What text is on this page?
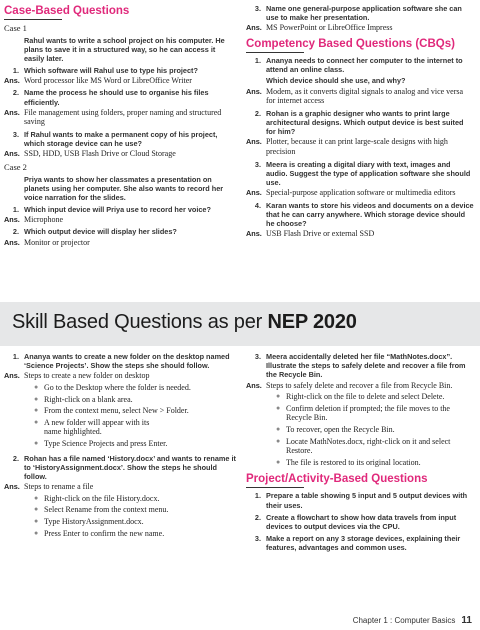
Case-Based Questions
Case 1
Rahul wants to write a school project on his computer. He plans to save it in a structured way, so he can access it easily later.
1. Which software will Rahul use to type his project?
Ans. Word processor like MS Word or LibreOffice Writer
2. Name the process he should use to organise his files efficiently.
Ans. File management using folders, proper naming and structured saving
3. If Rahul wants to make a permanent copy of his project, which storage device can he use?
Ans. SSD, HDD, USB Flash Drive or Cloud Storage
Case 2
Priya wants to show her classmates a presentation on planets using her computer. She also wants to record her voice narration for the slides.
1. Which input device will Priya use to record her voice?
Ans. Microphone
2. Which output device will display her slides?
Ans. Monitor or projector
3. Name one general-purpose application software she can use to make her presentation.
Ans. MS PowerPoint or LibreOffice Impress
Competency Based Questions (CBQs)
1. Ananya needs to connect her computer to the internet to attend an online class.
Which device should she use, and why?
Ans. Modem, as it converts digital signals to analog and vice versa for internet access
2. Rohan is a graphic designer who wants to print large architectural designs. Which output device is best suited for him?
Ans. Plotter, because it can print large-scale designs with high precision
3. Meera is creating a digital diary with text, images and audio. Suggest the type of application software she should use.
Ans. Special-purpose application software or multimedia editors
4. Karan wants to store his videos and documents on a device that he can carry anywhere. Which storage device should he choose?
Ans. USB Flash Drive or external SSD
Skill Based Questions as per NEP 2020
1. Ananya wants to create a new folder on the desktop named ‘Science Projects’. Show the steps she should follow.
Ans. Steps to create a new folder on desktop
● Go to the Desktop where the folder is needed.
● Right-click on a blank area.
● From the context menu, select New > Folder.
● A new folder will appear with its name highlighted.
● Type Science Projects and press Enter.
2. Rohan has a file named ‘History.docx’ and wants to rename it to ‘HistoryAssignment.docx’. Show the steps he should follow.
Ans. Steps to rename a file
● Right-click on the file History.docx.
● Select Rename from the context menu.
● Type HistoryAssignment.docx.
● Press Enter to confirm the new name.
3. Meera accidentally deleted her file “MathNotes.docx”. Illustrate the steps to safely delete and recover a file from the Recycle Bin.
Ans. Steps to safely delete and recover a file from Recycle Bin.
● Right-click on the file to delete and select Delete.
● Confirm deletion if prompted; the file moves to the Recycle Bin.
● To recover, open the Recycle Bin.
● Locate MathNotes.docx, right-click on it and select Restore.
● The file is restored to its original location.
Project/Activity-Based Questions
1. Prepare a table showing 5 input and 5 output devices with their uses.
2. Create a flowchart to show how data travels from input devices to output devices via the CPU.
3. Make a report on any 3 storage devices, explaining their features, advantages and common uses.
Chapter 1 : Computer Basics 11
